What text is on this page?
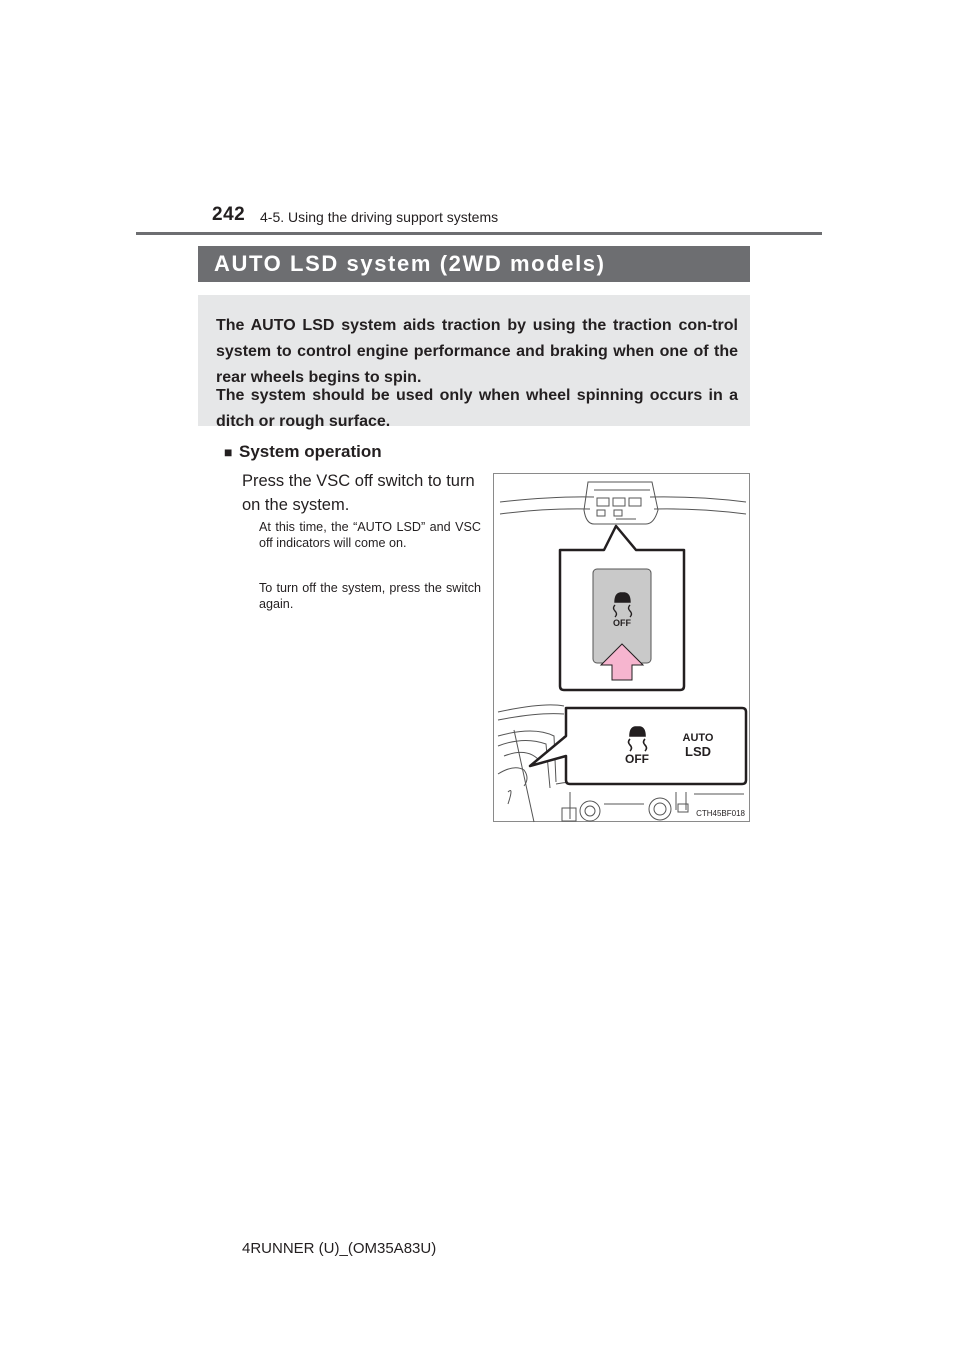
242 4-5. Using the driving support systems
AUTO LSD system (2WD models)

The AUTO LSD system aids traction by using the traction con-trol system to control engine performance and braking when one of the rear wheels begins to spin.

The system should be used only when wheel spinning occurs in a ditch or rough surface.

■ System operation
Press the VSC off switch to turn on the system.
At this time, the “AUTO LSD” and VSC off indicators will come on.
To turn off the system, press the switch again.
OFF
OFF
AUTO
LSD
CTH45BF018
4RUNNER (U)_(OM35A83U)
